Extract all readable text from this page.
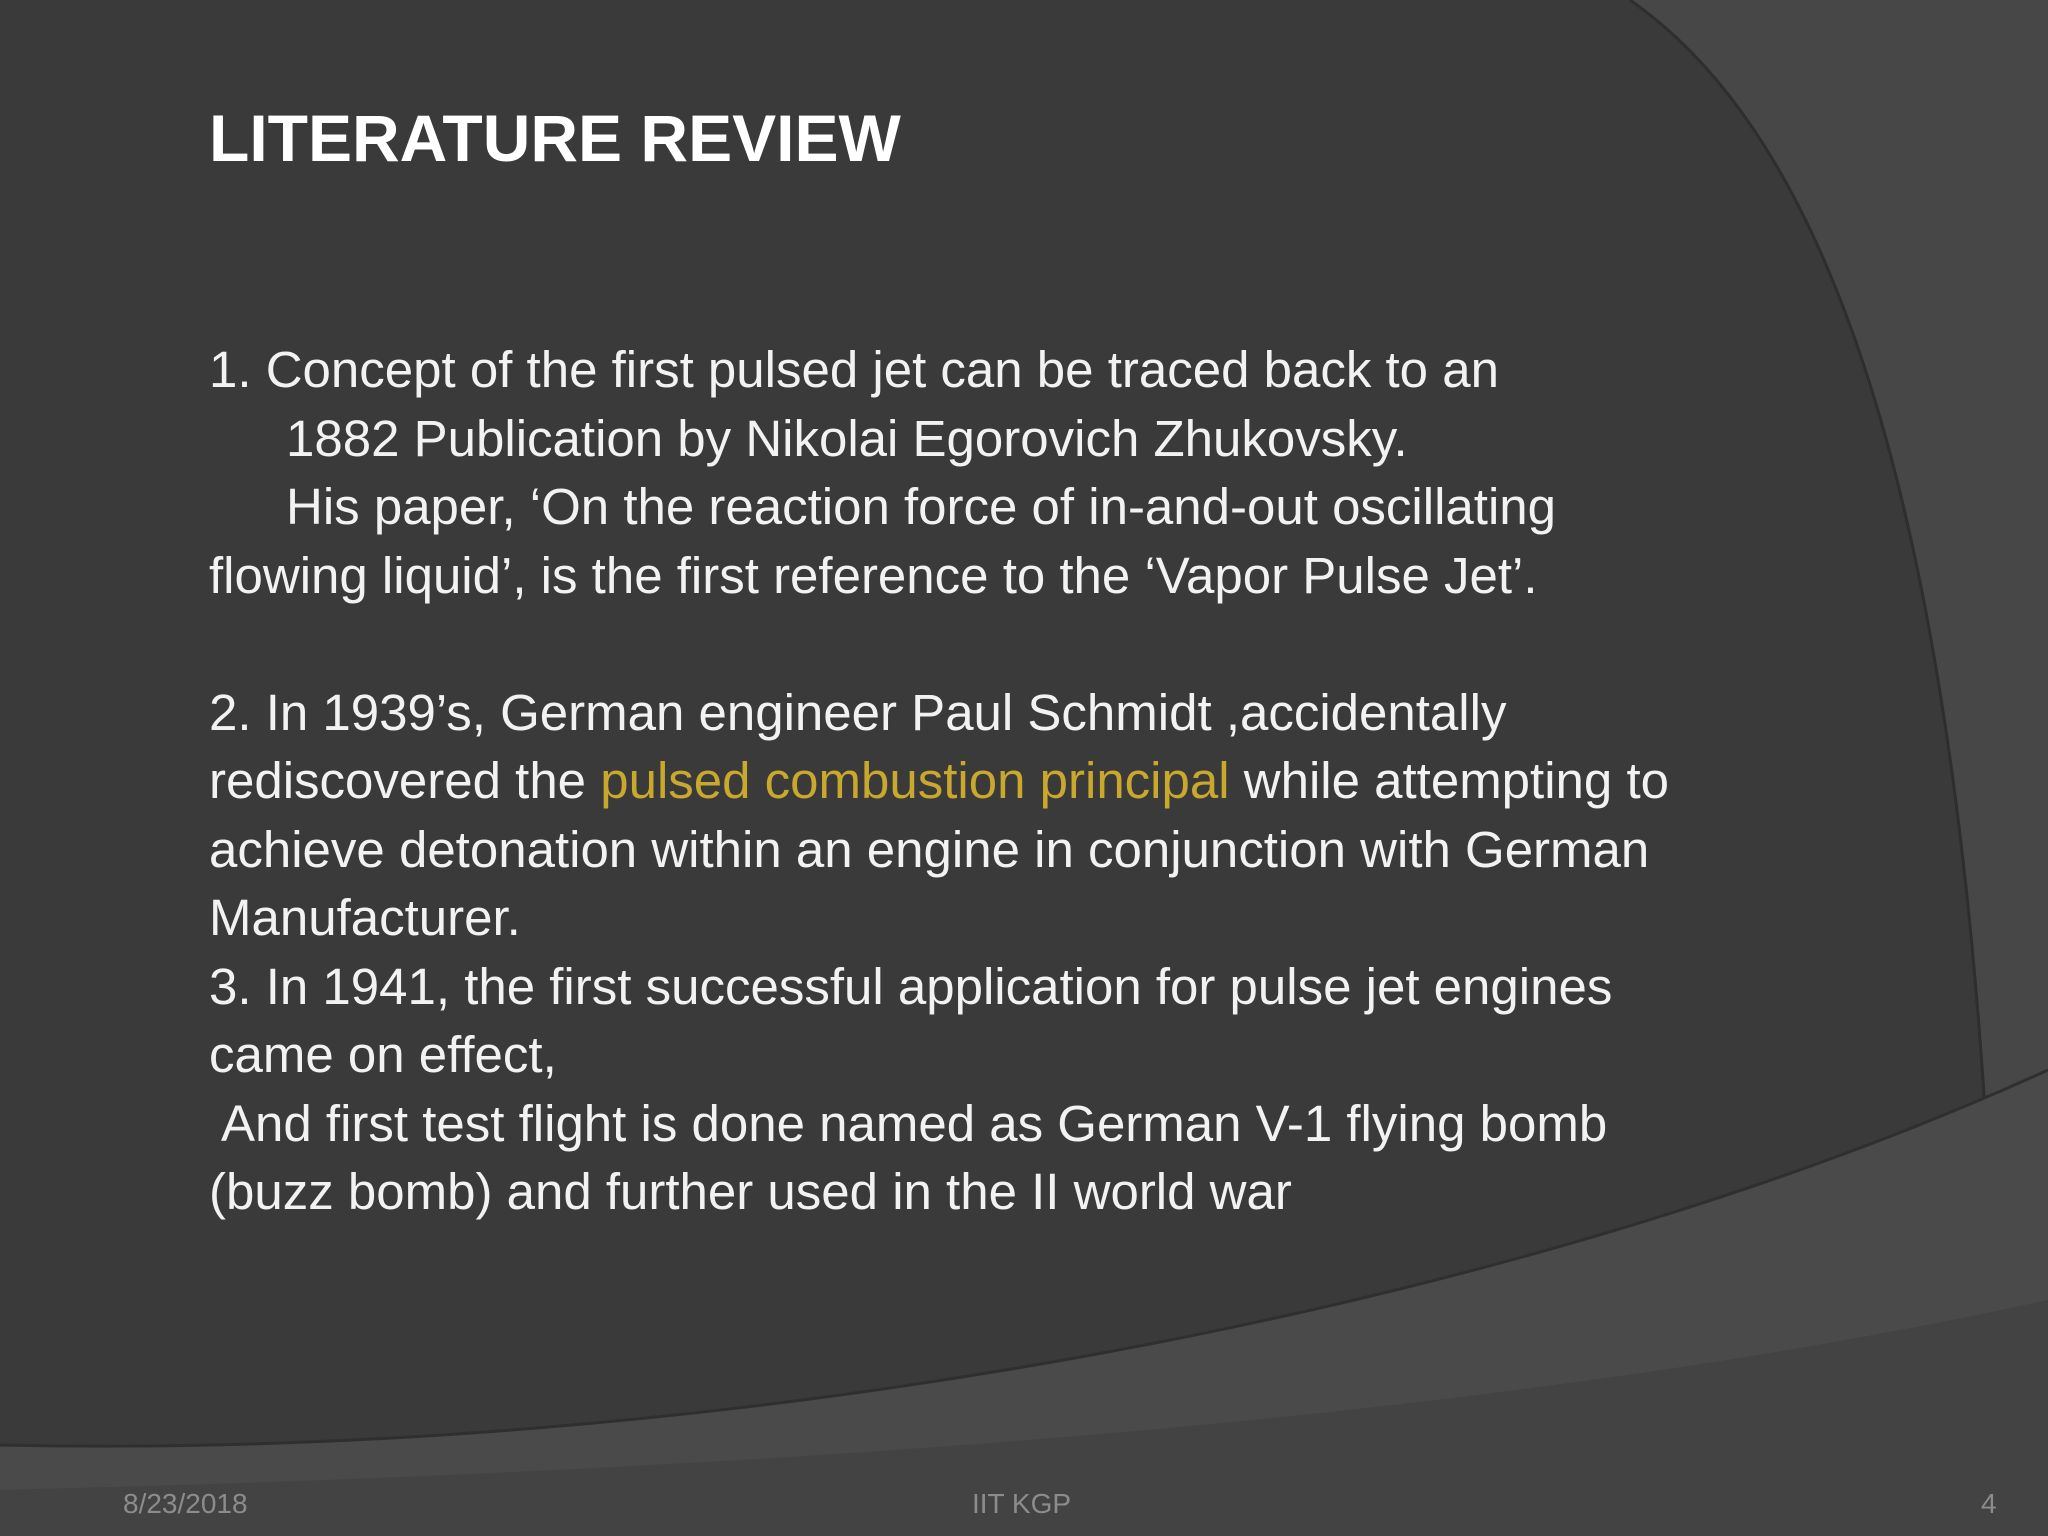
LITERATURE REVIEW
1. Concept of the first pulsed jet can be traced back to an
1882 Publication by Nikolai Egorovich Zhukovsky.
His paper, ‘On the reaction force of in-and-out oscillating
flowing liquid’, is the first reference to the ‘Vapor Pulse Jet’.
2. In 1939’s, German engineer Paul Schmidt ,accidentally
rediscovered the pulsed combustion principal while attempting to
achieve detonation within an engine in conjunction with German
Manufacturer.
3. In 1941, the first successful application for pulse jet engines
came on effect,
And first test flight is done named as German V-1 flying bomb
(buzz bomb) and further used in the II world war
8/23/2018	IIT KGP	4
